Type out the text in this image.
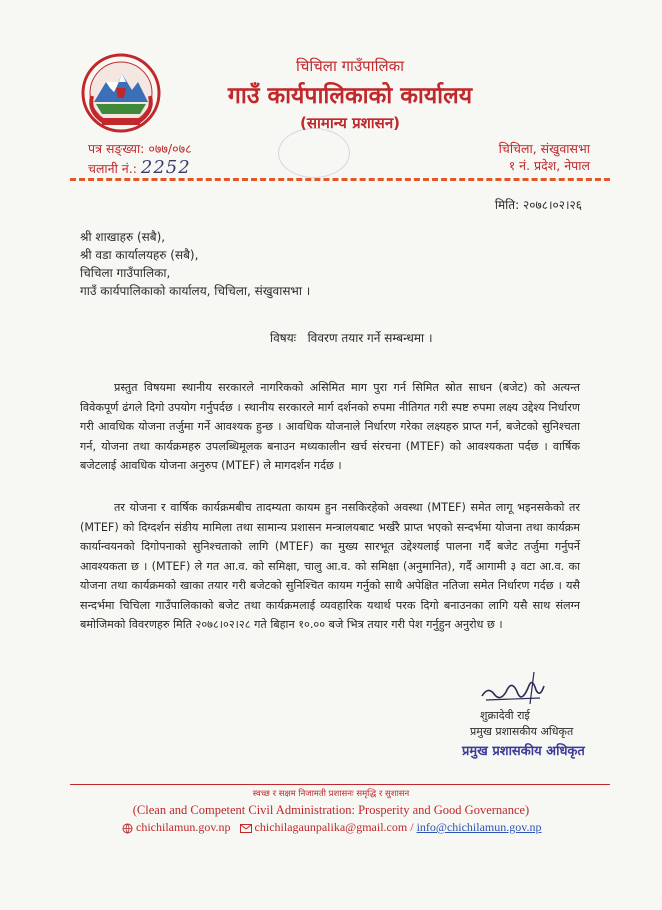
चिचिला गाउँपालिका
गाउँ कार्यपालिकाको कार्यालय
(सामान्य प्रशासन)
पत्र सङ्ख्या: ०७७/०७८
चलानी नं.: 2252
चिचिला, संखुवासभा
१ नं. प्रदेश, नेपाल
मिति: २०७८।०२।२६
श्री शाखाहरु (सबै),
श्री वडा कार्यालयहरु (सबै),
चिचिला गाउँपालिका,
गाउँ कार्यपालिकाको कार्यालय, चिचिला, संखुवासभा ।
विषयः विवरण तयार गर्ने सम्बन्धमा ।
प्रस्तुत विषयमा स्थानीय सरकारले नागरिकको असिमित माग पुरा गर्न सिमित स्रोत साधन (बजेट) को अत्यन्त विवेकपूर्ण ढंगले दिगो उपयोग गर्नुपर्दछ । स्थानीय सरकारले मार्ग दर्शनको रुपमा नीतिगत गरी स्पष्ट रुपमा लक्ष्य उद्देश्य निर्धारण गरी आवधिक योजना तर्जुमा गर्ने आवश्यक हुन्छ । आवधिक योजनाले निर्धारण गरेका लक्ष्यहरु प्राप्त गर्न, बजेटको सुनिश्चता गर्न, योजना तथा कार्यक्रमहरु उपलब्धिमूलक बनाउन मध्यकालीन खर्च संरचना (MTEF) को आवश्यकता पर्दछ । वार्षिक बजेटलाई आवधिक योजना अनुरुप (MTEF) ले मागदर्शन गर्दछ ।
तर योजना र वार्षिक कार्यक्रमबीच तादम्यता कायम हुन नसकिरहेको अवस्था (MTEF) समेत लागू भइनसकेको तर (MTEF) को दिग्दर्शन संङीय मामिला तथा सामान्य प्रशासन मन्त्रालयबाट भर्खरै प्राप्त भएको सन्दर्भमा योजना तथा कार्यक्रम कार्यान्वयनको दिगोपनाको सुनिश्चताको लागि (MTEF) का मुख्य सारभूत उद्देश्यलाई पालना गर्दै बजेट तर्जुमा गर्नुपर्ने आवश्यकता छ । (MTEF) ले गत आ.व. को समिक्षा, चालु आ.व. को समिक्षा (अनुमानित), गर्दै आगामी ३ वटा आ.व. का योजना तथा कार्यक्रमको खाका तयार गरी बजेटको सुनिश्चित कायम गर्नुको साथै अपेक्षित नतिजा समेत निर्धारण गर्दछ । यसै सन्दर्भमा चिचिला गाउँपालिकाको बजेट तथा कार्यक्रमलाई व्यवहारिक यथार्थ परक दिगो बनाउनका लागि यसै साथ संलग्न बमोजिमको विवरणहरु मिति २०७८।०२।२८ गते बिहान १०.०० बजे भित्र तयार गरी पेश गर्नुहुन अनुरोध छ ।
शुक्रादेवी राई
प्रमुख प्रशासकीय अधिकृत
प्रमुख प्रशासकीय अधिकृत
स्वच्छ र सक्षम निजामती प्रशासनः समृद्धि र सुशासन
(Clean and Competent Civil Administration: Prosperity and Good Governance)
chichilamun.gov.np chichilagaunpalika@gmail.com / info@chichilamun.gov.np
